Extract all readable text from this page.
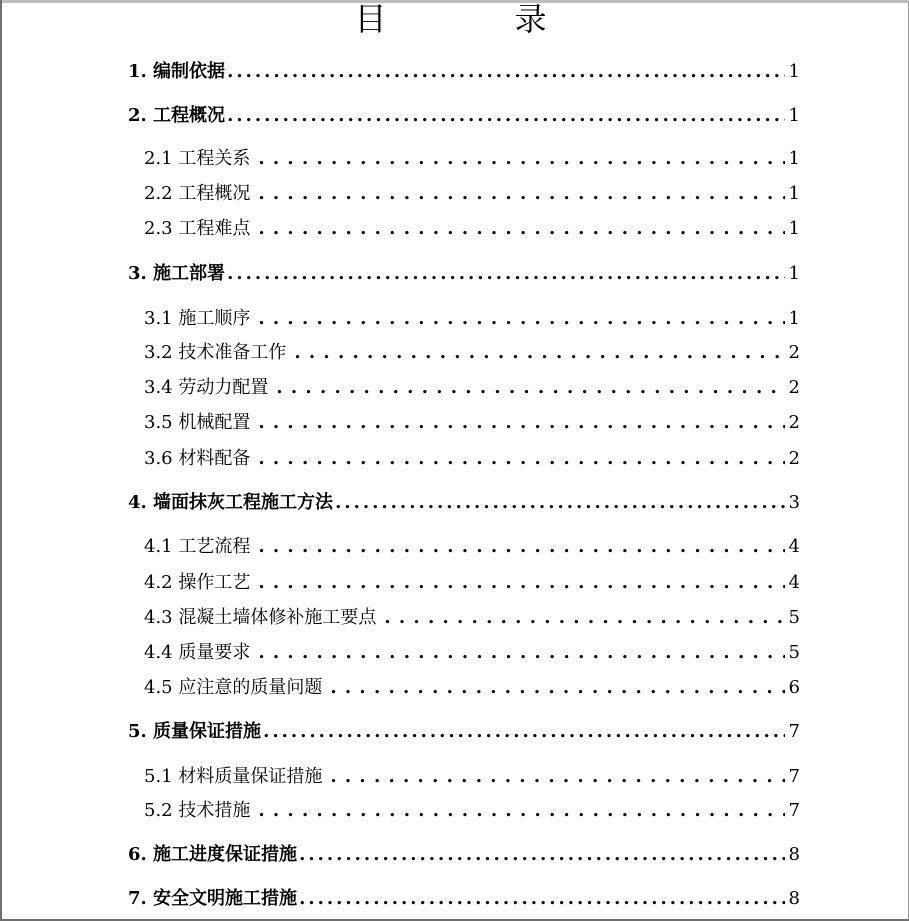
目　录
1. 编制依据 .....	1
2. 工程概况 .....	1
2.1 工程关系 . . .	1
2.2 工程概况 . . .	1
2.3 工程难点 . . .	1
3. 施工部署 .....	1
3.1 施工顺序 . . .	1
3.2 技术准备工作 . . .	2
3.4 劳动力配置 . . .	2
3.5 机械配置 . . .	2
3.6 材料配备 . . .	2
4. 墙面抹灰工程施工方法 .....	3
4.1 工艺流程 . . .	4
4.2 操作工艺 . . .	4
4.3 混凝土墙体修补施工要点 . . .	5
4.4 质量要求 . . .	5
4.5 应注意的质量问题 . . .	6
5. 质量保证措施 .....	7
5.1 材料质量保证措施 . . .	7
5.2 技术措施 . . .	7
6. 施工进度保证措施 .....	8
7. 安全文明施工措施 .....	8
